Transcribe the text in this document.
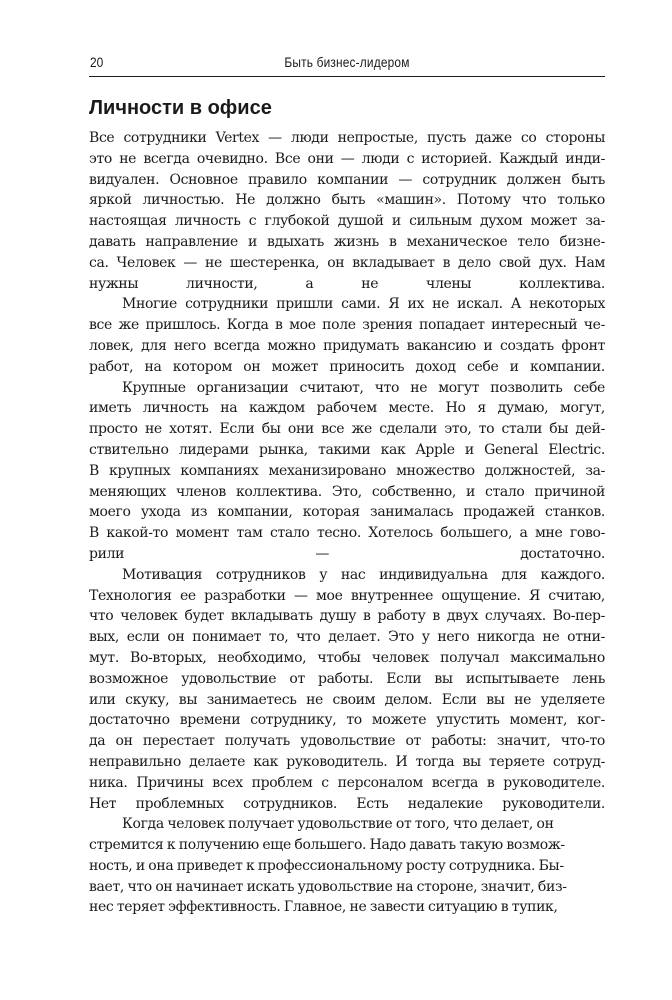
20	Быть бизнес-лидером
Личности в офисе

Все сотрудники Vertex — люди непростые, пусть даже со стороны
это не всегда очевидно. Все они — люди с историей. Каждый инди-
видуален. Основное правило компании — сотрудник должен быть
яркой личностью. Не должно быть «машин». Потому что только
настоящая личность с глубокой душой и сильным духом может за-
давать направление и вдыхать жизнь в механическое тело бизне-
са. Человек — не шестеренка, он вкладывает в дело свой дух. Нам
нужны личности, а не члены коллектива.

Многие сотрудники пришли сами. Я их не искал. А некоторых
все же пришлось. Когда в мое поле зрения попадает интересный че-
ловек, для него всегда можно придумать вакансию и создать фронт
работ, на котором он может приносить доход себе и компании.

Крупные организации считают, что не могут позволить себе
иметь личность на каждом рабочем месте. Но я думаю, могут,
просто не хотят. Если бы они все же сделали это, то стали бы дей-
ствительно лидерами рынка, такими как Apple и General Electric.
В крупных компаниях механизировано множество должностей, за-
меняющих членов коллектива. Это, собственно, и стало причиной
моего ухода из компании, которая занималась продажей станков.
В какой-то момент там стало тесно. Хотелось большего, а мне гово-
рили — достаточно.

Мотивация сотрудников у нас индивидуальна для каждого.
Технология ее разработки — мое внутреннее ощущение. Я считаю,
что человек будет вкладывать душу в работу в двух случаях. Во-пер-
вых, если он понимает то, что делает. Это у него никогда не отни-
мут. Во-вторых, необходимо, чтобы человек получал максимально
возможное удовольствие от работы. Если вы испытываете лень
или скуку, вы занимаетесь не своим делом. Если вы не уделяете
достаточно времени сотруднику, то можете упустить момент, ког-
да он перестает получать удовольствие от работы: значит, что-то
неправильно делаете как руководитель. И тогда вы теряете сотруд-
ника. Причины всех проблем с персоналом всегда в руководителе.
Нет проблемных сотрудников. Есть недалекие руководители.

Когда человек получает удовольствие от того, что делает, он
стремится к получению еще большего. Надо давать такую возмож-
ность, и она приведет к профессиональному росту сотрудника. Бы-
вает, что он начинает искать удовольствие на стороне, значит, биз-
нес теряет эффективность. Главное, не завести ситуацию в тупик,
